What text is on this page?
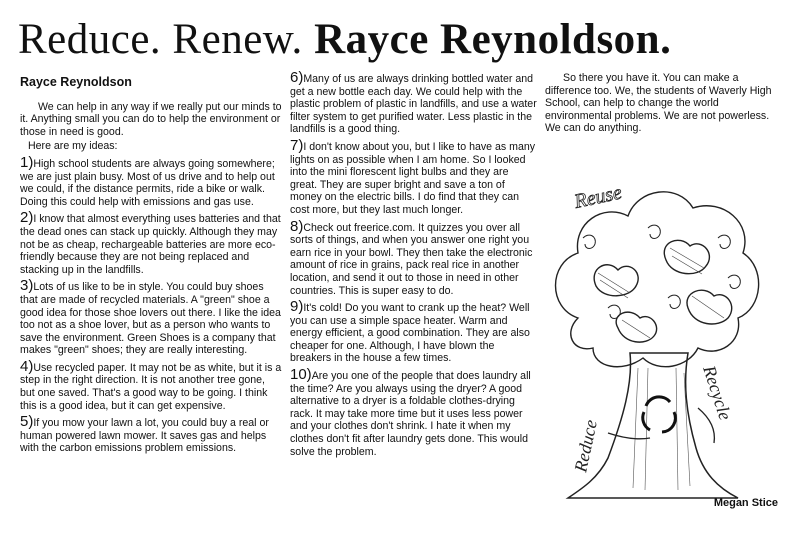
Reduce. Renew. Rayce Reynoldson.
Rayce Reynoldson

We can help in any way if we really put our minds to it. Anything small you can do to help the environment or those in need is good.

Here are my ideas:

1)High school students are always going somewhere; we are just plain busy. Most of us drive and to help out we could, if the distance permits, ride a bike or walk. Doing this could help with emissions and gas use.

2)I know that almost everything uses batteries and that the dead ones can stack up quickly. Although they may not be as cheap, rechargeable batteries are more eco-friendly because they are not being replaced and stacking up in the landfills.

3)Lots of us like to be in style. You could buy shoes that are made of recycled materials. A "green" shoe a good idea for those shoe lovers out there. I like the idea too not as a shoe lover, but as a person who wants to save the environment. Green Shoes is a company that makes "green" shoes; they are really interesting.

4)Use recycled paper. It may not be as white, but it is a step in the right direction. It is not another tree gone, but one saved. That's a good way to be going. I think this is a good idea, but it can get expensive.

5)If you mow your lawn a lot, you could buy a real or human powered lawn mower. It saves gas and helps with the carbon emissions problem emissions.

6)Many of us are always drinking bottled water and get a new bottle each day. We could help with the plastic problem of plastic in landfills, and use a water filter system to get purified water. Less plastic in the landfills is a good thing.

7)I don't know about you, but I like to have as many lights on as possible when I am home. So I looked into the mini florescent light bulbs and they are great. They are super bright and save a ton of money on the electric bills. I do find that they can cost more, but they last much longer.

8)Check out freerice.com. It quizzes you over all sorts of things, and when you answer one right you earn rice in your bowl. They then take the electronic amount of rice in grains, pack real rice in another location, and send it out to those in need in other countries. This is super easy to do.

9)It's cold! Do you want to crank up the heat? Well you can use a simple space heater. Warm and energy efficient, a good combination. They are also cheaper for one. Although, I have blown the breakers in the house a few times.

10)Are you one of the people that does laundry all the time? Are you always using the dryer? A good alternative to a dryer is a foldable clothes-drying rack. It may take more time but it uses less power and your clothes don't shrink. I hate it when my clothes don't fit after laundry gets done. This would solve the problem.

So there you have it. You can make a difference too. We, the students of Waverly High School, can help to change the world environmental problems. We are not powerless. We can do anything.

Reuse
Reduce
Recycle
Megan Stice
